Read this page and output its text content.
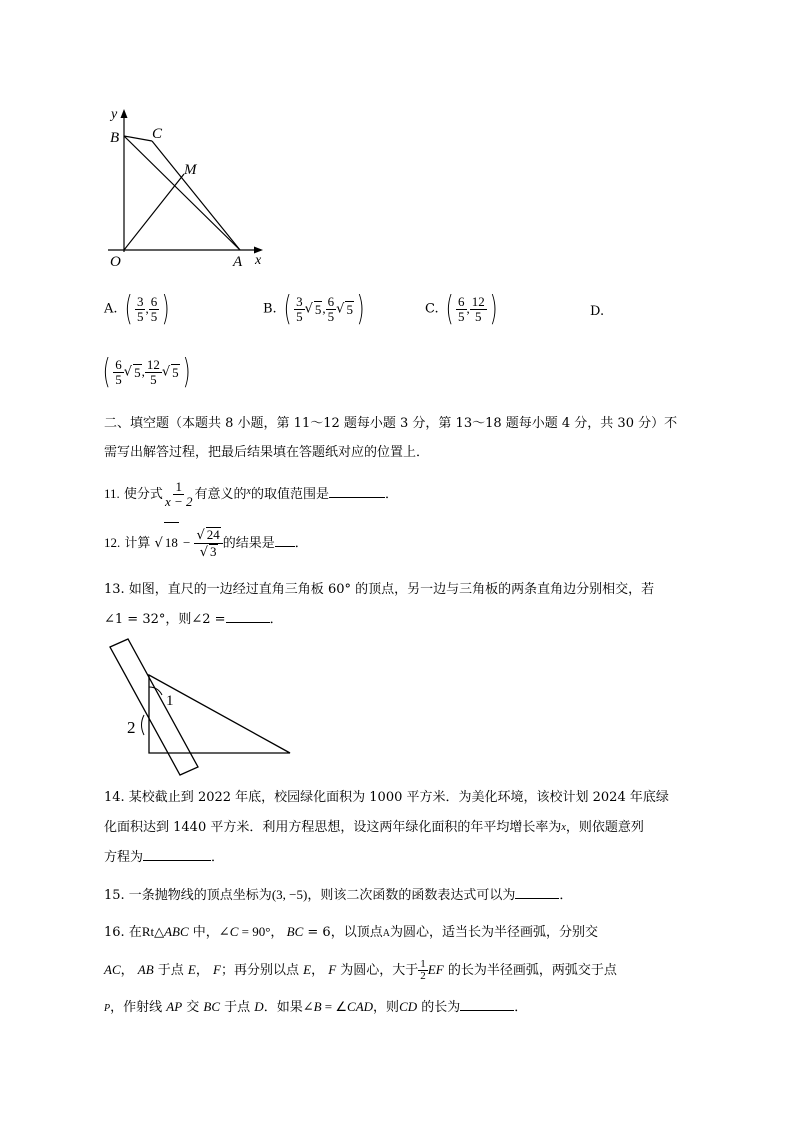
y
B C
M
O	A x
A. ( $\frac{3}{5}$ , $\frac{6}{5}$ )	B. ( $\frac{3}{5}$ √ 5, $\frac{6}{5}$ √ 5 )	C. ( $\frac{6}{5}$ , $\frac{12}{5}$ )	D.
( $\frac{6}{5}$ √ 5, $\frac{12}{5}$ √ 5 )
二、填空题（本题共 8 小题，第 11～12 题每小题 3 分，第 13～18 题每小题 4 分，共 30 分）不
需写出解答过程，把最后结果填在答题纸对应的位置上．
11. 使分式 $\frac{1}{x - 2}$ 有意义的$^x$的取值范围是	．
12. 计算 √ $18 - \frac{√ 24}{√ 3}$ 的结果是 ．
13. 如图，直尺的一边经过直角三角板 60° 的顶点，另一边与三角板的两条直角边分别相交，若
∠1 = 32°，则∠2 =	．
1
2
14. 某校截止到 2022 年底，校园绿化面积为 1000 平方米．为美化环境，该校计划 2024 年底绿
化面积达到 1440 平方米．利用方程思想，设这两年绿化面积的年平均增长率为$^x$，则依题意列
方程为	．
15. 一条抛物线的顶点坐标为(3, −5)，则该二次函数的函数表达式可以为	．
16. 在Rt△ABC 中，∠C = 90°， BC = 6，以顶点A为圆心，适当长为半径画弧，分别交
AC， AB 于点 E， F；再分别以点 E， F 为圆心，大于 $\frac{1}{2}$ EF 的长为半径画弧，两弧交于点
P，作射线 AP 交 BC 于点 D．如果∠B = ∠CAD，则CD 的长为	．
